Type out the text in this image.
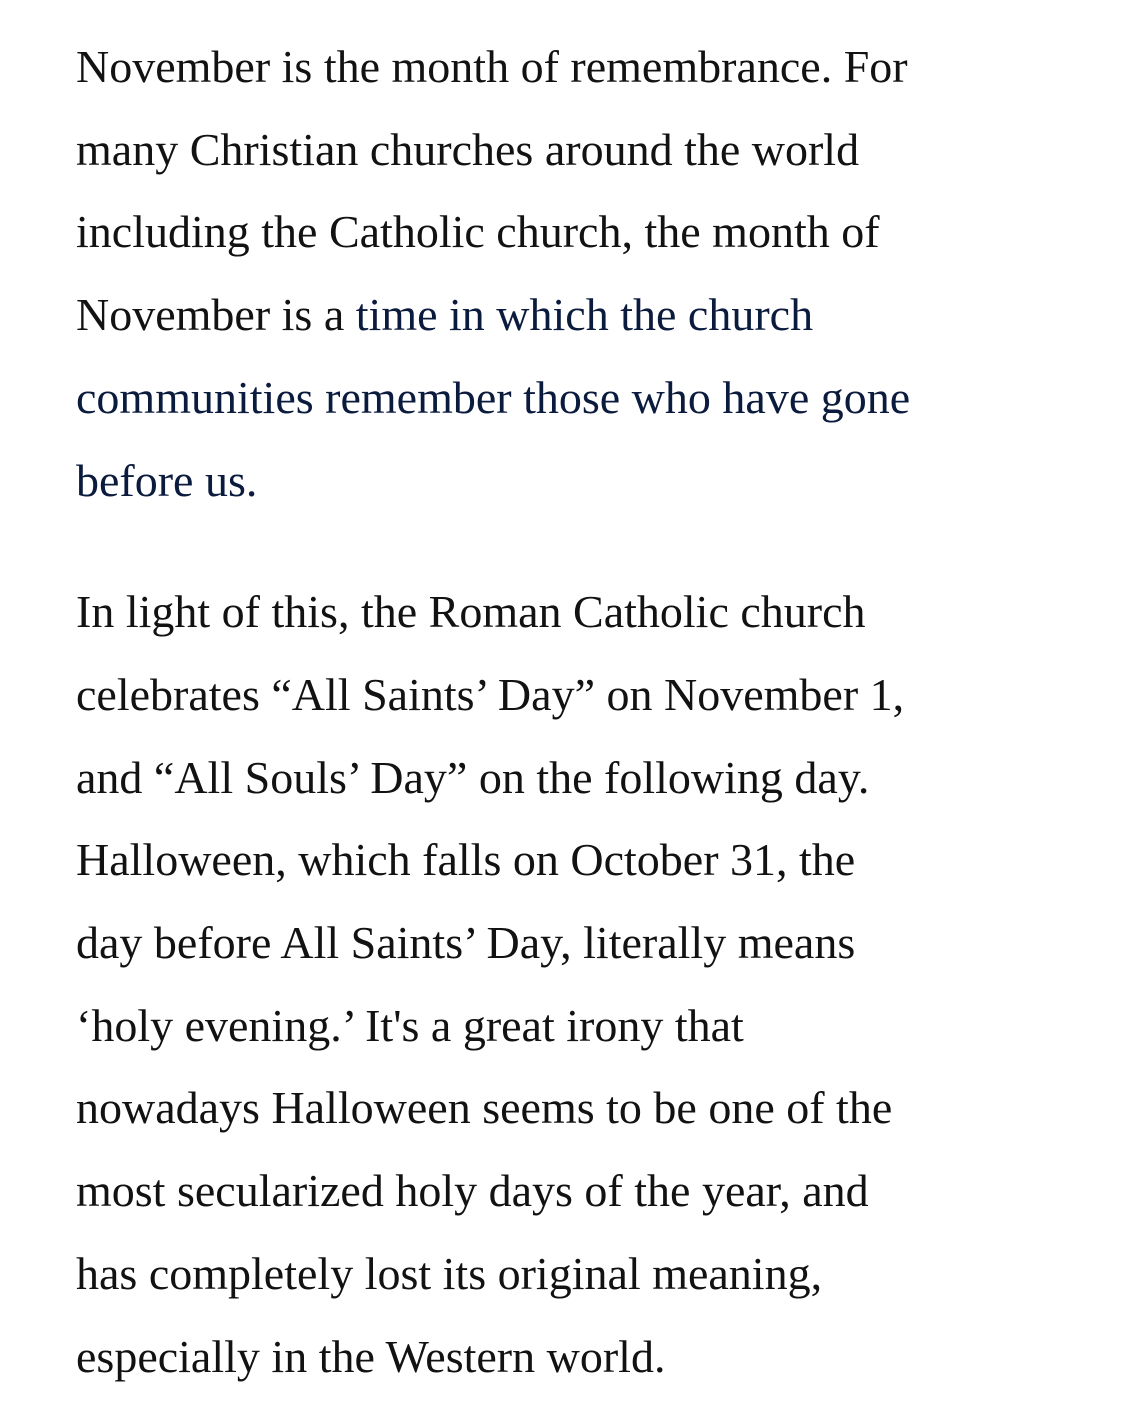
November is the month of remembrance. For
many Christian churches around the world
including the Catholic church, the month of
November is a time in which the church
communities remember those who have gone
before us.

In light of this, the Roman Catholic church
celebrates “All Saints’ Day” on November 1,
and “All Souls’ Day” on the following day.
Halloween, which falls on October 31, the
day before All Saints’ Day, literally means
‘holy evening.’ It's a great irony that
nowadays Halloween seems to be one of the
most secularized holy days of the year, and
has completely lost its original meaning,
especially in the Western world.
